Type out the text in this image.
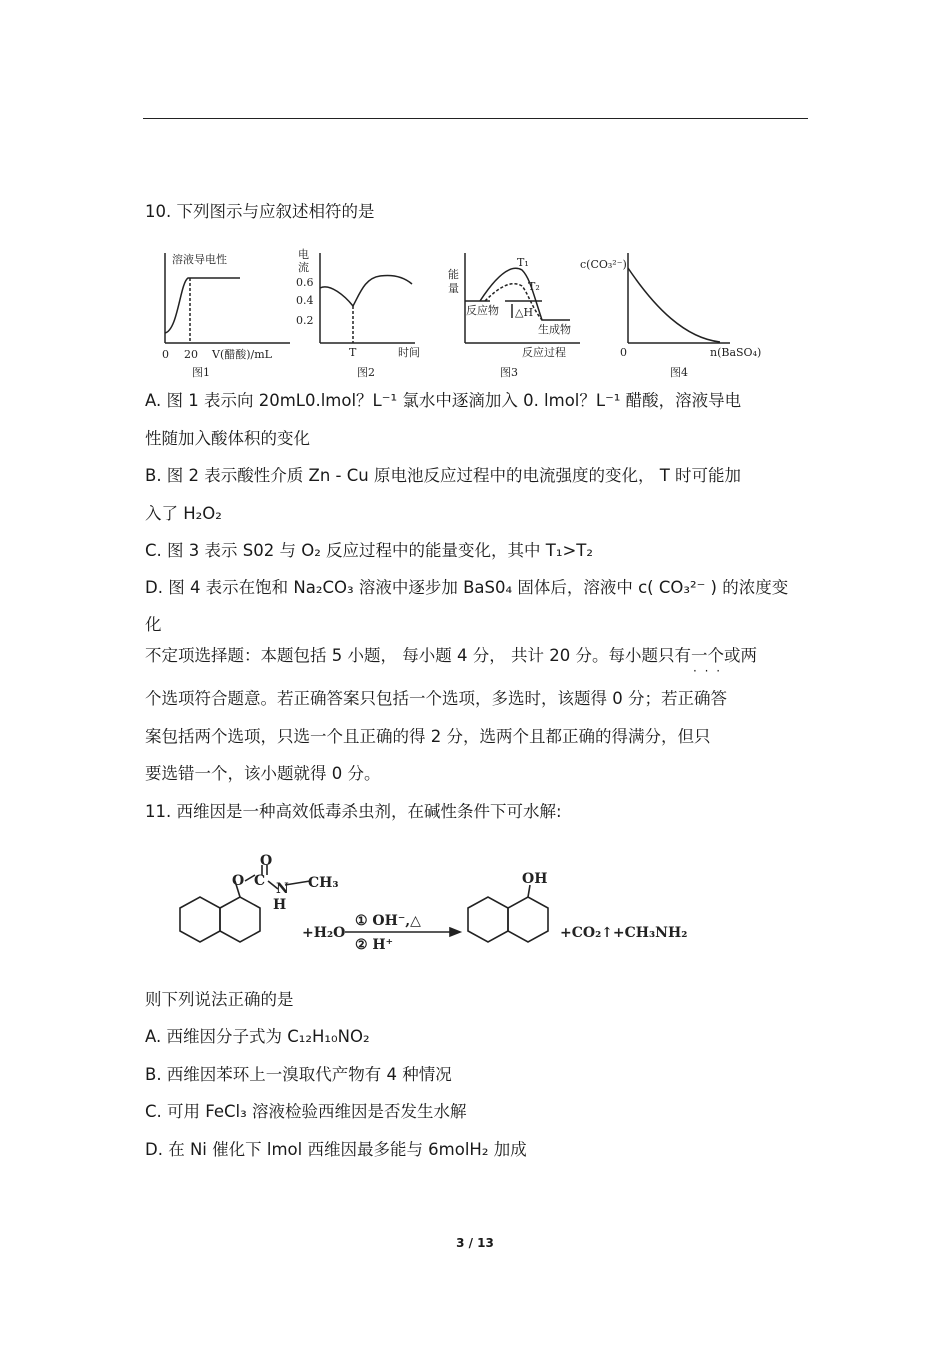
10. 下列图示与应叙述相符的是
溶液导电性
0 20 V(醋酸)/mL
图1
电
流
0.6
0.4
0.2
T	时间
图2
能
量
T₁
T₂
反应物 △H
生成物
反应过程
图3
c(CO₃²⁻)
0	n(BaSO₄)
图4
A. 图 1 表示向 20mL0.lmol？L⁻¹ 氯水中逐滴加入 0. lmol？L⁻¹ 醋酸，溶液导电
性随加入酸体积的变化
B. 图 2 表示酸性介质 Zn - Cu 原电池反应过程中的电流强度的变化， T 时可能加
入了 H₂O₂
C. 图 3 表示 S02 与 O₂ 反应过程中的能量变化，其中 T₁>T₂
D. 图 4 表示在饱和 Na₂CO₃ 溶液中逐步加 BaS0₄ 固体后，溶液中 c( CO₃²⁻ ) 的浓度变
化
不定项选择题：本题包括 5 小题， 每小题 4 分， 共计 20 分。每小题只有一个 · · ·或两
个选项符合题意。若正确答案只包括一个选项，多选时，该题得 0 分；若正确答
案包括两个选项，只选一个且正确的得 2 分，选两个且都正确的得满分，但只
要选错一个，该小题就得 0 分。
11. 西维因是一种高效低毒杀虫剂，在碱性条件下可水解:
O C
O
N
H
CH₃
+H₂O
① OH⁻,△
② H⁺
OH
+CO₂↑+CH₃NH₂
则下列说法正确的是
A. 西维因分子式为 C₁₂H₁₀NO₂
B. 西维因苯环上一溴取代产物有 4 种情况
C. 可用 FeCl₃ 溶液检验西维因是否发生水解
D. 在 Ni 催化下 lmol 西维因最多能与 6molH₂ 加成
3 / 13
